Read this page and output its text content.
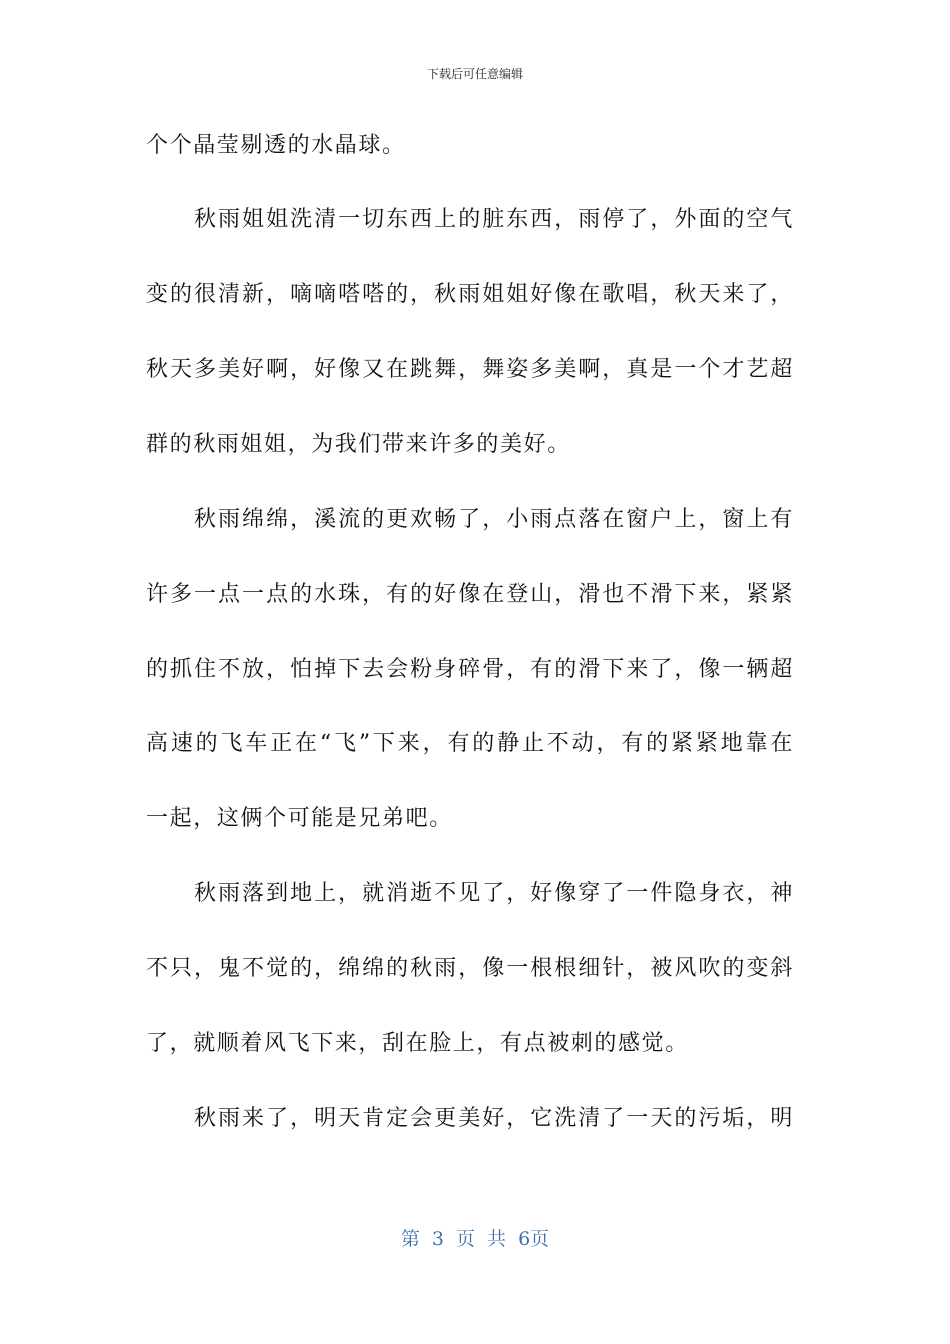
下载后可任意编辑
个个晶莹剔透的水晶球。
　　秋雨姐姐洗清一切东西上的脏东西，雨停了，外面的空气
变的很清新，嘀嘀嗒嗒的，秋雨姐姐好像在歌唱，秋天来了，
秋天多美好啊，好像又在跳舞，舞姿多美啊，真是一个才艺超
群的秋雨姐姐，为我们带来许多的美好。
　　秋雨绵绵，溪流的更欢畅了，小雨点落在窗户上，窗上有
许多一点一点的水珠，有的好像在登山，滑也不滑下来，紧紧
的抓住不放，怕掉下去会粉身碎骨，有的滑下来了，像一辆超
高速的飞车正在“飞”下来，有的静止不动，有的紧紧地靠在
一起，这俩个可能是兄弟吧。
　　秋雨落到地上，就消逝不见了，好像穿了一件隐身衣，神
不只，鬼不觉的，绵绵的秋雨，像一根根细针，被风吹的变斜
了，就顺着风飞下来，刮在脸上，有点被刺的感觉。
　　秋雨来了，明天肯定会更美好，它洗清了一天的污垢，明
第 3 页 共 6页
